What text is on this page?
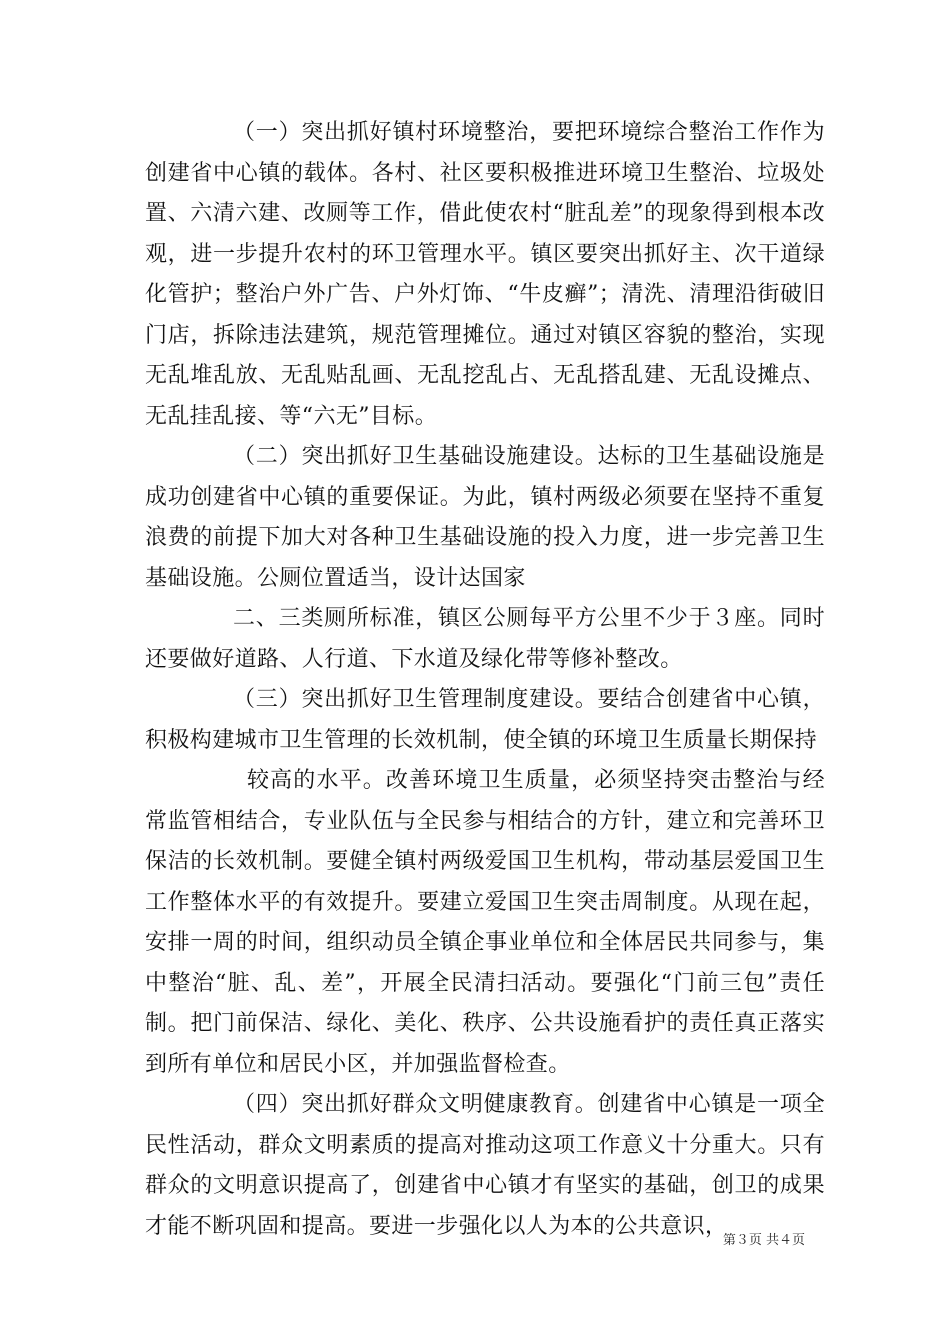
（一）突出抓好镇村环境整治，要把环境综合整治工作作为创建省中心镇的载体。各村、社区要积极推进环境卫生整治、垃圾处置、六清六建、改厕等工作，借此使农村“脏乱差”的现象得到根本改观，进一步提升农村的环卫管理水平。镇区要突出抓好主、次干道绿化管护；整治户外广告、户外灯饰、“牛皮癣”；清洗、清理沿街破旧门店，拆除违法建筑，规范管理摊位。通过对镇区容貌的整治，实现无乱堆乱放、无乱贴乱画、无乱挖乱占、无乱搭乱建、无乱设摊点、无乱挂乱接、等“六无”目标。

（二）突出抓好卫生基础设施建设。达标的卫生基础设施是成功创建省中心镇的重要保证。为此，镇村两级必须要在坚持不重复浪费的前提下加大对各种卫生基础设施的投入力度，进一步完善卫生基础设施。公厕位置适当，设计达国家

二、三类厕所标准，镇区公厕每平方公里不少于３座。同时还要做好道路、人行道、下水道及绿化带等修补整改。

（三）突出抓好卫生管理制度建设。要结合创建省中心镇，积极构建城市卫生管理的长效机制，使全镇的环境卫生质量长期保持

较高的水平。改善环境卫生质量，必须坚持突击整治与经常监管相结合，专业队伍与全民参与相结合的方针，建立和完善环卫保洁的长效机制。要健全镇村两级爱国卫生机构，带动基层爱国卫生工作整体水平的有效提升。要建立爱国卫生突击周制度。从现在起，安排一周的时间，组织动员全镇企事业单位和全体居民共同参与，集中整治“脏、乱、差”，开展全民清扫活动。要强化“门前三包”责任制。把门前保洁、绿化、美化、秩序、公共设施看护的责任真正落实到所有单位和居民小区，并加强监督检查。

（四）突出抓好群众文明健康教育。创建省中心镇是一项全民性活动，群众文明素质的提高对推动这项工作意义十分重大。只有群众的文明意识提高了，创建省中心镇才有坚实的基础，创卫的成果才能不断巩固和提高。要进一步强化以人为本的公共意识，

第３页 共４页
